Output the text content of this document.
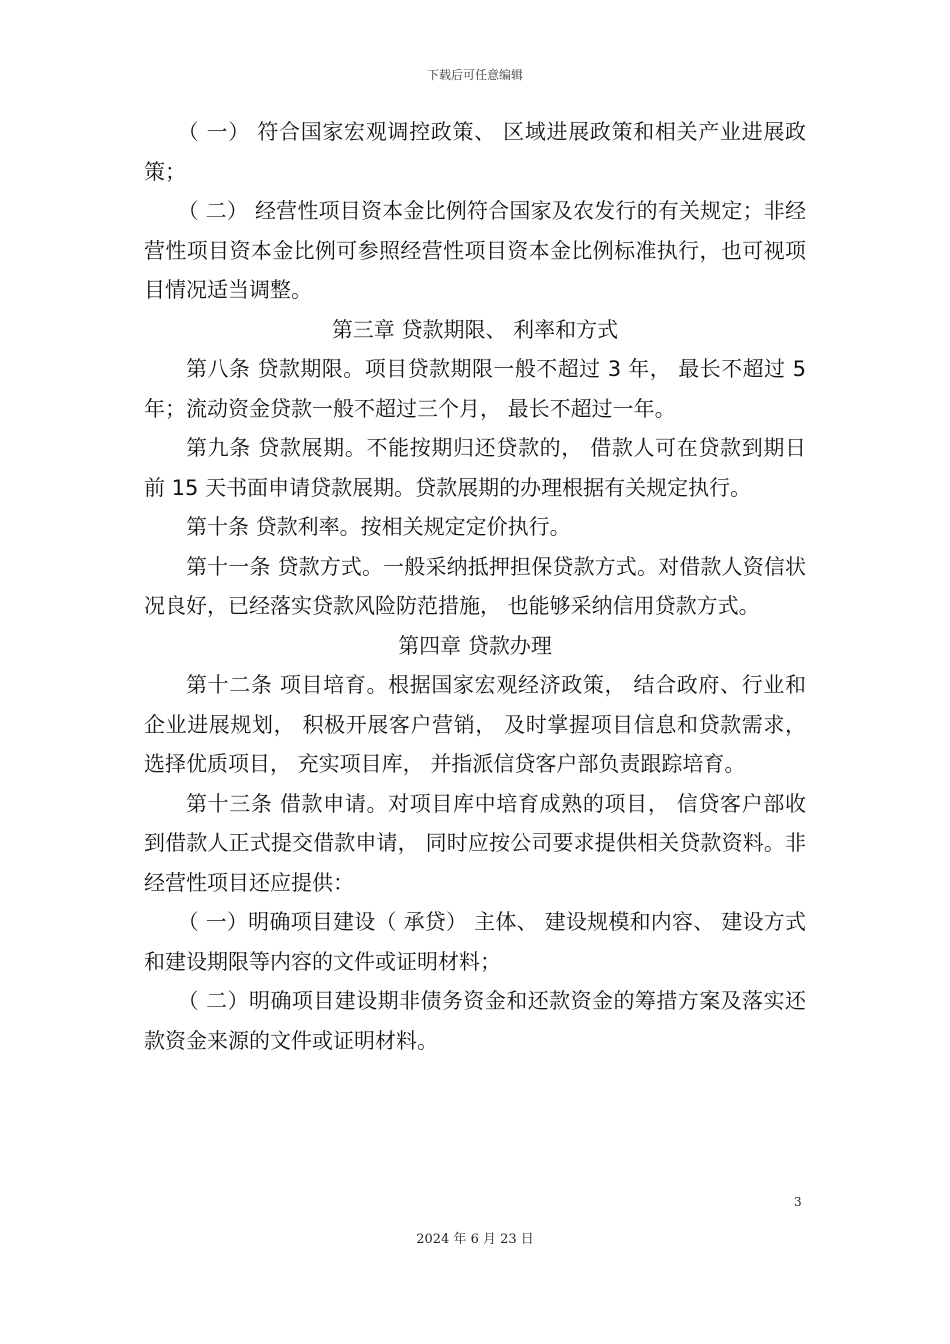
下载后可任意编辑

（ 一） 符合国家宏观调控政策、 区域进展政策和相关产业进展政策；

（ 二） 经营性项目资本金比例符合国家及农发行的有关规定；非经营性项目资本金比例可参照经营性项目资本金比例标准执行，也可视项目情况适当调整。

第三章 贷款期限、 利率和方式

第八条 贷款期限。项目贷款期限一般不超过 3 年， 最长不超过 5 年；流动资金贷款一般不超过三个月， 最长不超过一年。

第九条 贷款展期。不能按期归还贷款的， 借款人可在贷款到期日前 15 天书面申请贷款展期。贷款展期的办理根据有关规定执行。

第十条 贷款利率。按相关规定定价执行。

第十一条 贷款方式。一般采纳抵押担保贷款方式。对借款人资信状况良好，已经落实贷款风险防范措施， 也能够采纳信用贷款方式。

第四章 贷款办理

第十二条 项目培育。根据国家宏观经济政策， 结合政府、行业和企业进展规划， 积极开展客户营销， 及时掌握项目信息和贷款需求， 选择优质项目， 充实项目库， 并指派信贷客户部负责跟踪培育。

第十三条 借款申请。对项目库中培育成熟的项目， 信贷客户部收到借款人正式提交借款申请， 同时应按公司要求提供相关贷款资料。非经营性项目还应提供：

（ 一）明确项目建设（ 承贷） 主体、 建设规模和内容、 建设方式和建设期限等内容的文件或证明材料；

（ 二）明确项目建设期非债务资金和还款资金的筹措方案及落实还款资金来源的文件或证明材料。

3
2024 年 6 月 23 日
